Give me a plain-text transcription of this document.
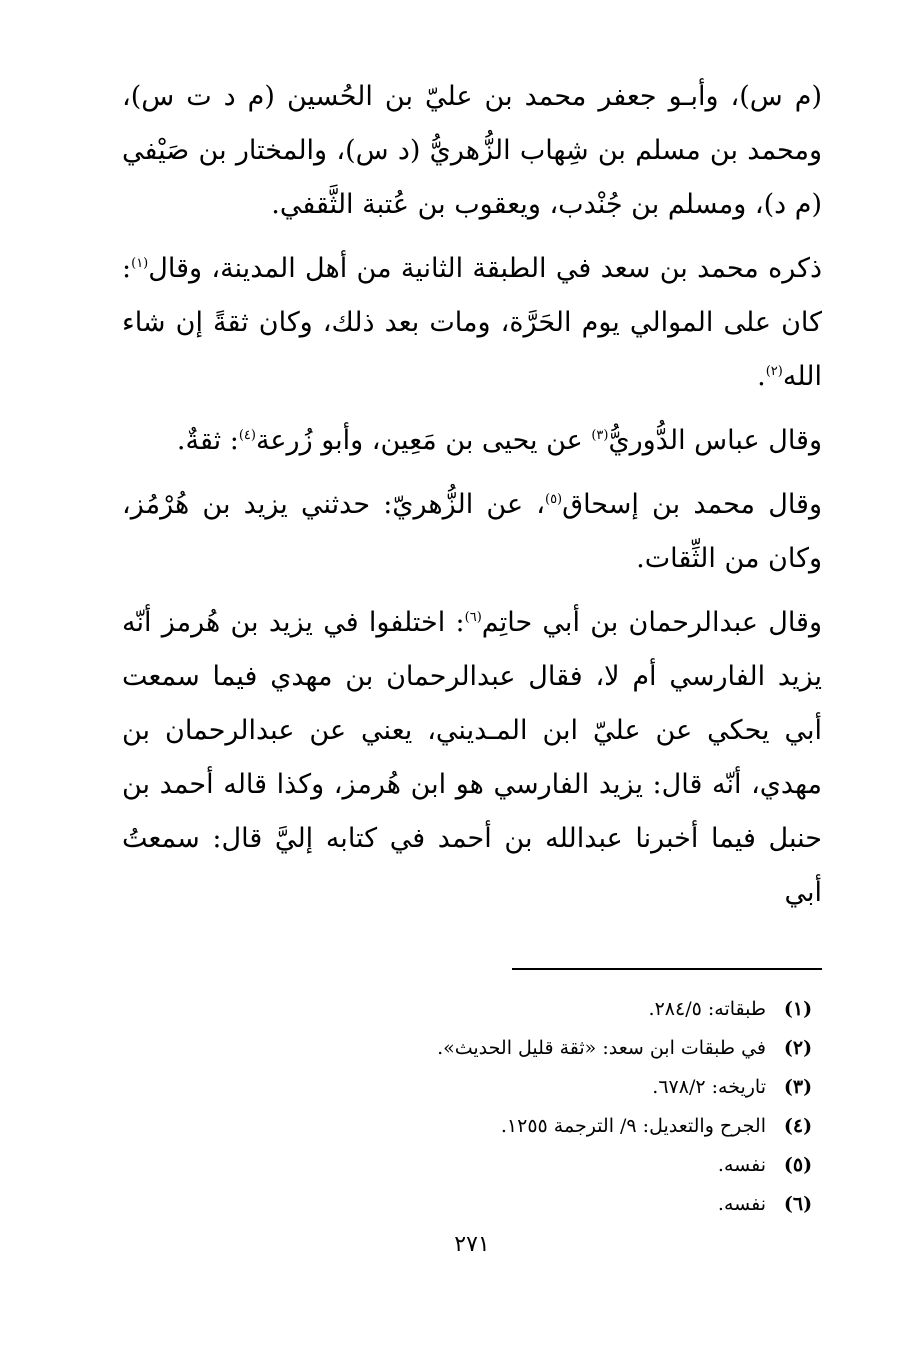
(م س)، وأبـو جعفر محمد بن عليّ بن الحُسين (م د ت س)، ومحمد بن مسلم بن شِهاب الزُّهريُّ (د س)، والمختار بن صَيْفي (م د)، ومسلم بن جُنْدب، ويعقوب بن عُتبة الثَّقفي.

ذكره محمد بن سعد في الطبقة الثانية من أهل المدينة، وقال$^{(١)}$: كان على الموالي يوم الحَرَّة، ومات بعد ذلك، وكان ثقةً إن شاء الله$^{(٢)}$.

وقال عباس الدُّوريُّ$^{(٣)}$ عن يحيى بن مَعِين، وأبو زُرعة$^{(٤)}$: ثقةٌ.

وقال محمد بن إسحاق$^{(٥)}$، عن الزُّهريّ: حدثني يزيد بن هُرْمُز، وكان من الثِّقات.

وقال عبدالرحمان بن أبي حاتِم$^{(٦)}$: اختلفوا في يزيد بن هُرمز أنّه يزيد الفارسي أم لا، فقال عبدالرحمان بن مهدي فيما سمعت أبي يحكي عن عليّ ابن المـديني، يعني عن عبدالرحمان بن مهدي، أنّه قال: يزيد الفارسي هو ابن هُرمز، وكذا قاله أحمد بن حنبل فيما أخبرنا عبدالله بن أحمد في كتابه إليَّ قال: سمعتُ أبي

(١)
طبقاته: ٢٨٤/٥.
(٢)
في طبقات ابن سعد: «ثقة قليل الحديث».
(٣)
تاريخه: ٦٧٨/٢.
(٤)
الجرح والتعديل: ٩/ الترجمة ١٢٥٥.
(٥)
نفسه.
(٦)
نفسه.
٢٧١
